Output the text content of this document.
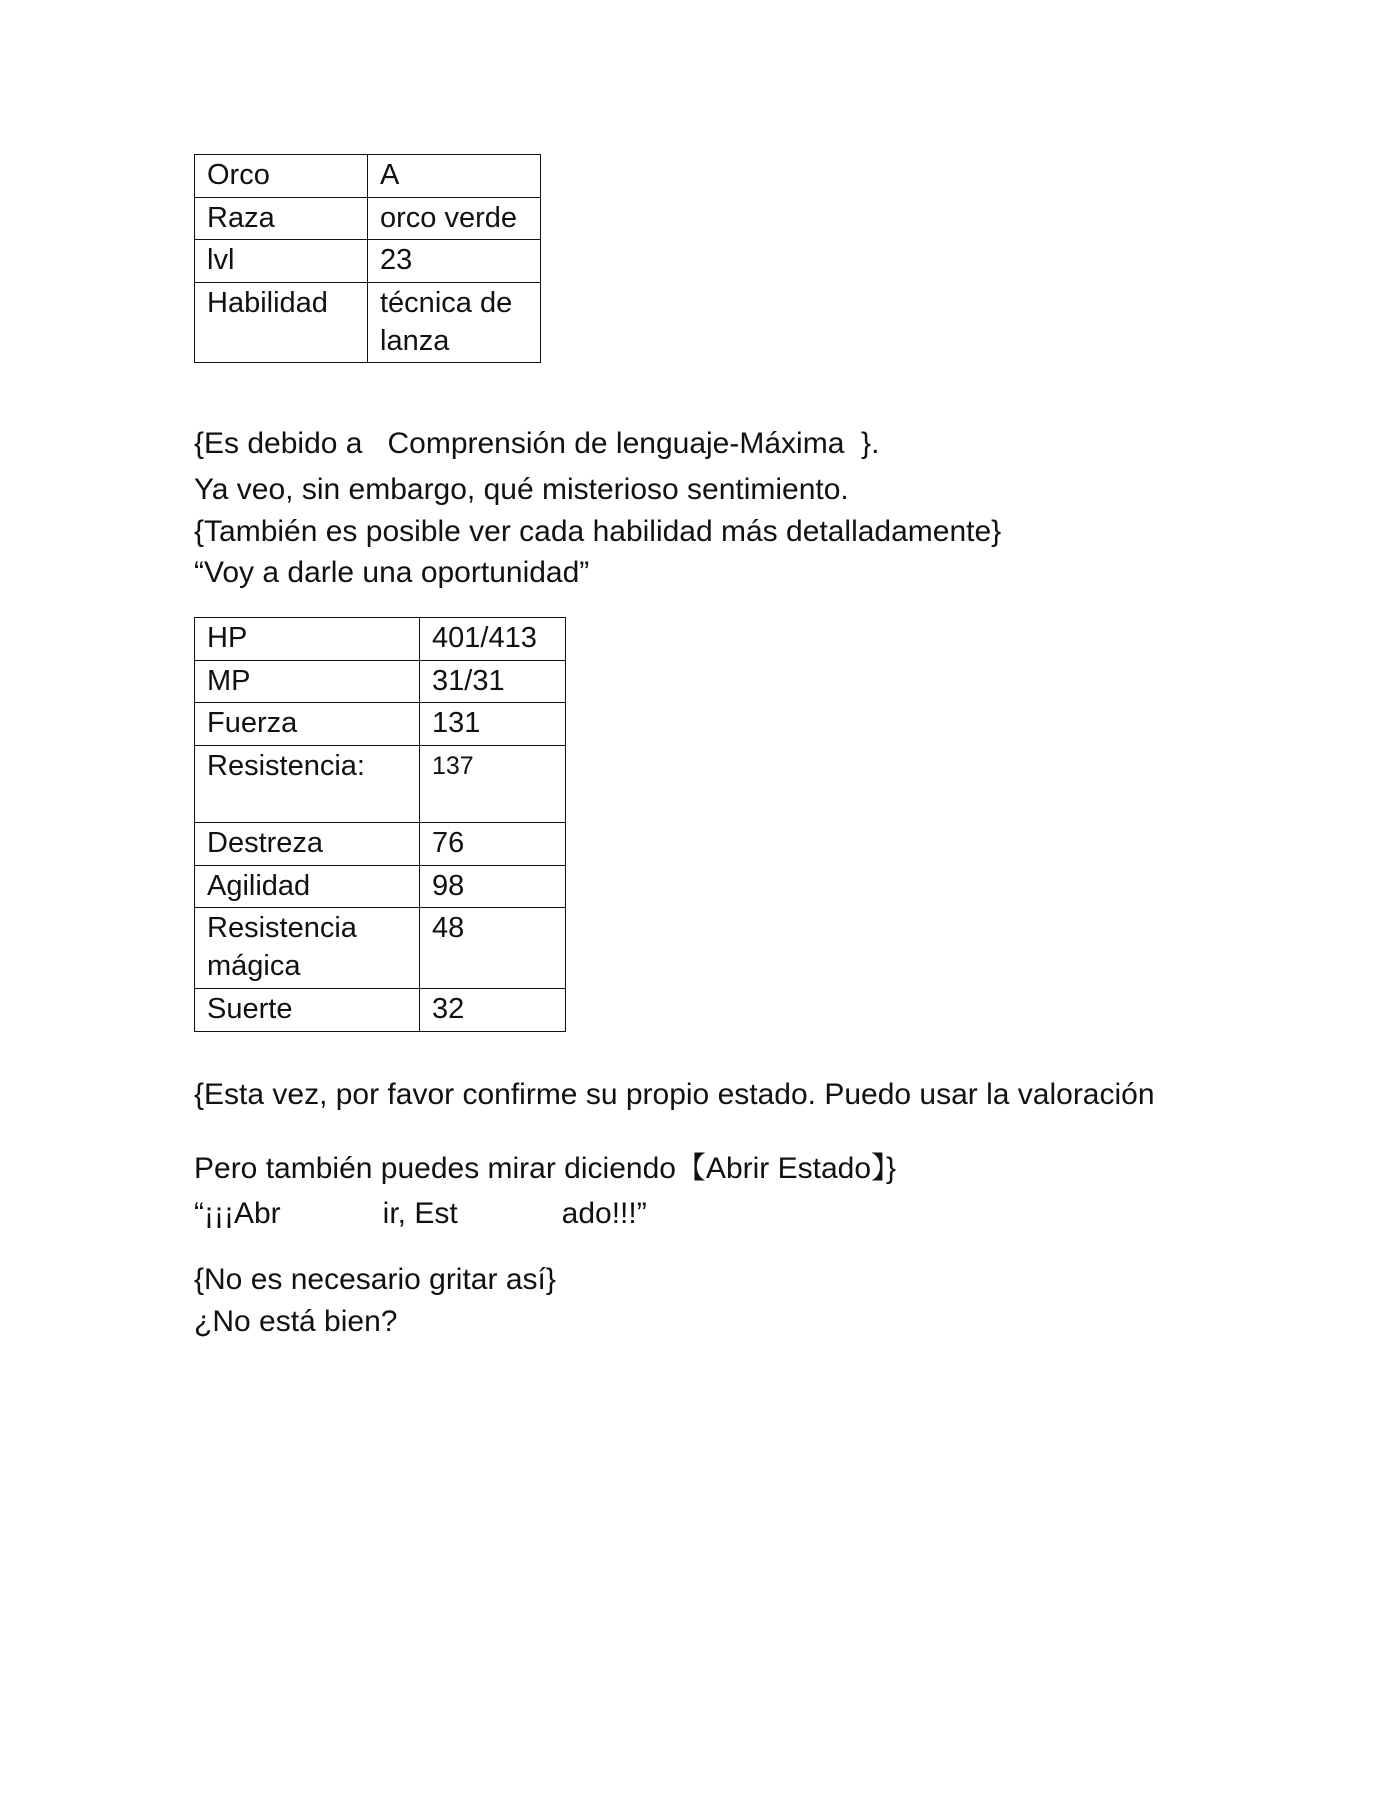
Orco	A
Raza	orco verde
lvl	23
Habilidad	técnica de lanza

{Es debido a   Comprensión de lenguaje-Máxima  }.

Ya veo, sin embargo, qué misterioso sentimiento.

{También es posible ver cada habilidad más detalladamente}

“Voy a darle una oportunidad”

HP	401/413
MP	31/31
Fuerza	131
Resistencia:	137
Destreza	76
Agilidad	98
Resistencia mágica	48
Suerte	32

{Esta vez, por favor confirme su propio estado. Puedo usar la valoración

Pero también puedes mirar diciendo【Abrir Estado】}

“¡¡¡Abr	ir, Est	ado!!!”

{No es necesario gritar así}

¿No está bien?
